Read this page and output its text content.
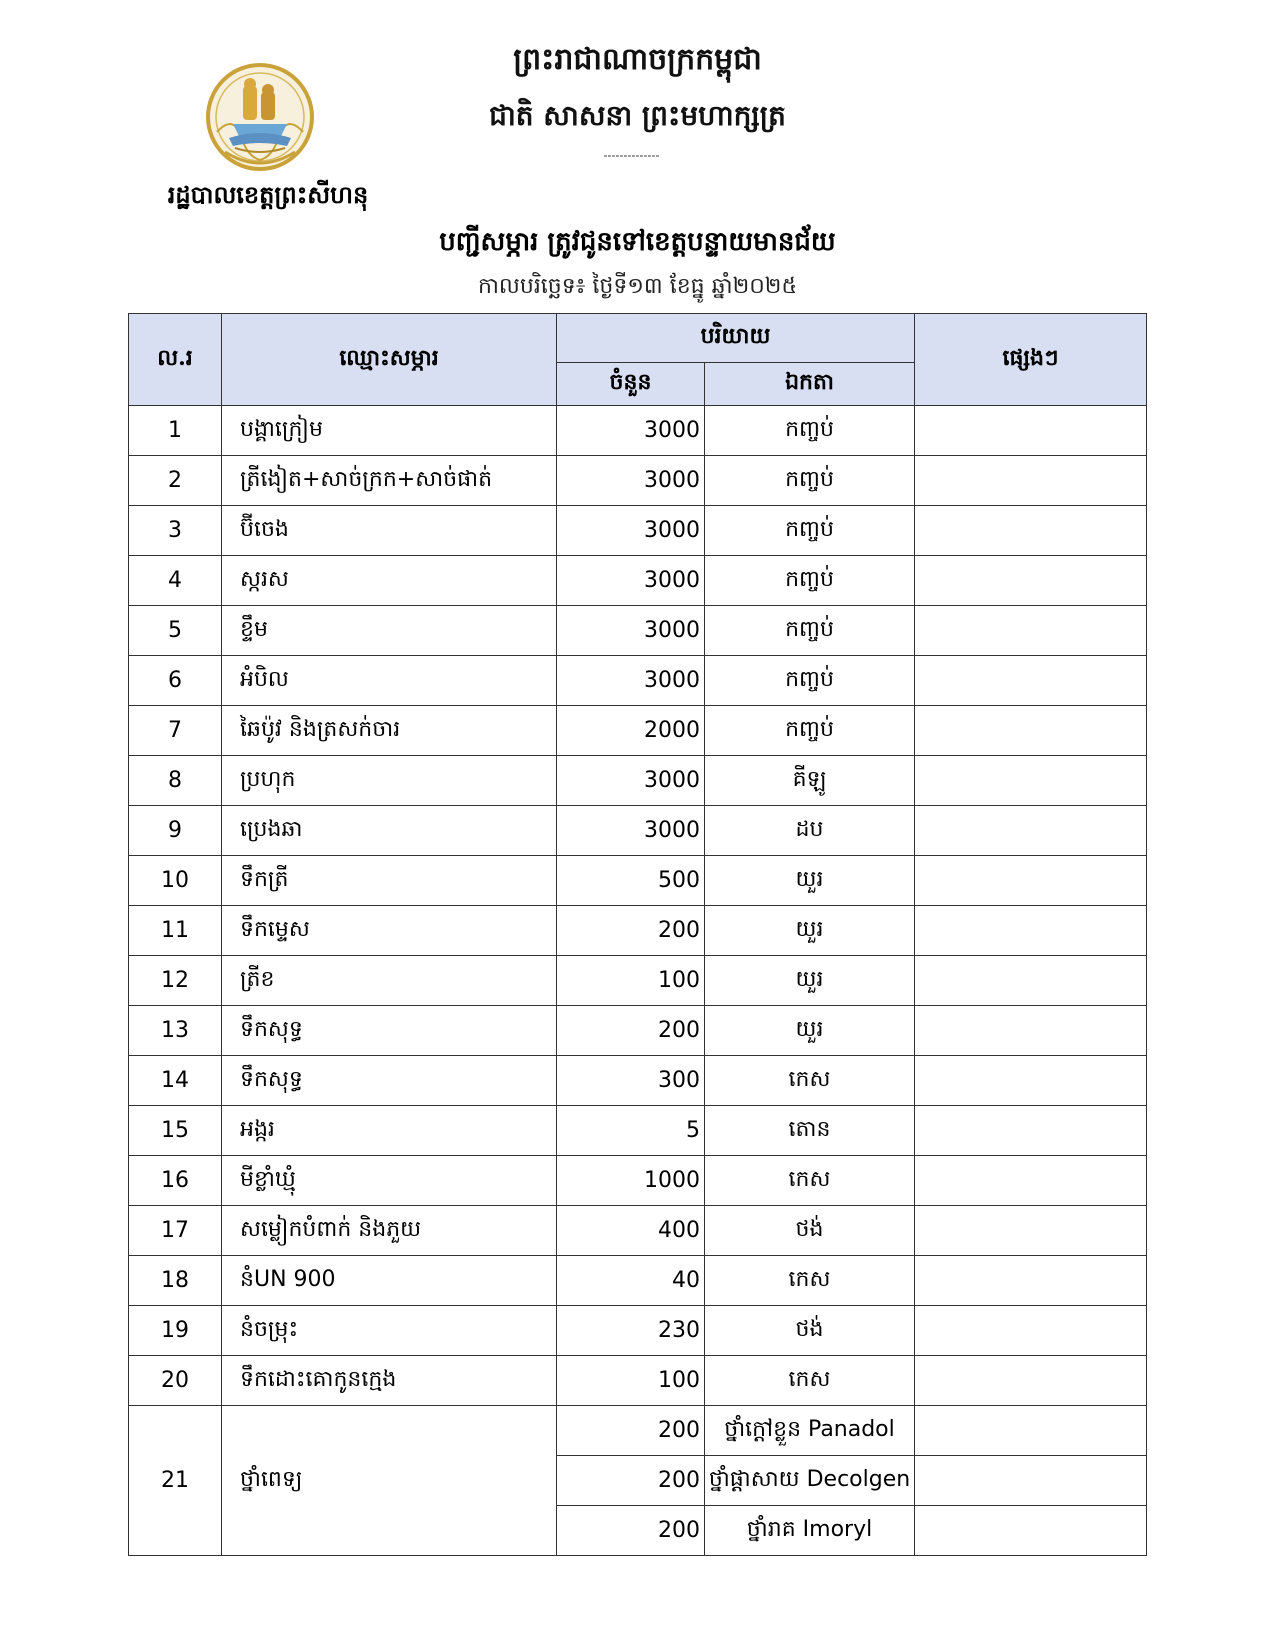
ព្រះរាជាណាចក្រកម្ពុជា
ជាតិ សាសនា ព្រះមហាក្សត្រ
រដ្ឋបាលខេត្តព្រះសីហនុ
បញ្ជីសម្ភារ ត្រូវជូនទៅខេត្តបន្ទាយមានជ័យ
កាលបរិច្ឆេទ៖ ថ្ងៃទី១៣ ខែធ្នូ ឆ្នាំ២០២៥
ល.រ	ឈ្មោះសម្ភារ	បរិយាយ		ផ្សេងៗ
		ចំនួន	ឯកតា	
1	បង្គាក្រៀម	3000	កញ្ចប់	
2	ត្រីងៀត+សាច់ក្រក+សាច់ផាត់	3000	កញ្ចប់	
3	ប៊ីចេង	3000	កញ្ចប់	
4	ស្ករស	3000	កញ្ចប់	
5	ខ្ទឹម	3000	កញ្ចប់	
6	អំបិល	3000	កញ្ចប់	
7	ឆៃប៉ូវ និងត្រសក់ចារ	2000	កញ្ចប់	
8	ប្រហុក	3000	គីឡូ	
9	ប្រេងឆា	3000	ដប	
10	ទឹកត្រី	500	យួរ	
11	ទឹកម្ទេស	200	យួរ	
12	ត្រីខ	100	យួរ	
13	ទឹកសុទ្ធ	200	យួរ	
14	ទឹកសុទ្ធ	300	កេស	
15	អង្ករ	5	តោន	
16	មីខ្លាំឃ្មុំ	1000	កេស	
17	សម្លៀកបំពាក់ និងភួយ	400	ថង់	
18	នំUN 900	40	កេស	
19	នំចម្រុះ	230	ថង់	
20	ទឹកដោះគោកូនក្មេង	100	កេស	
21	ថ្នាំពេទ្យ	200	ថ្នាំក្តៅខ្លួន Panadol	
		200	ថ្នាំផ្តាសាយ Decolgen	
		200	ថ្នាំរាគ Imoryl	
